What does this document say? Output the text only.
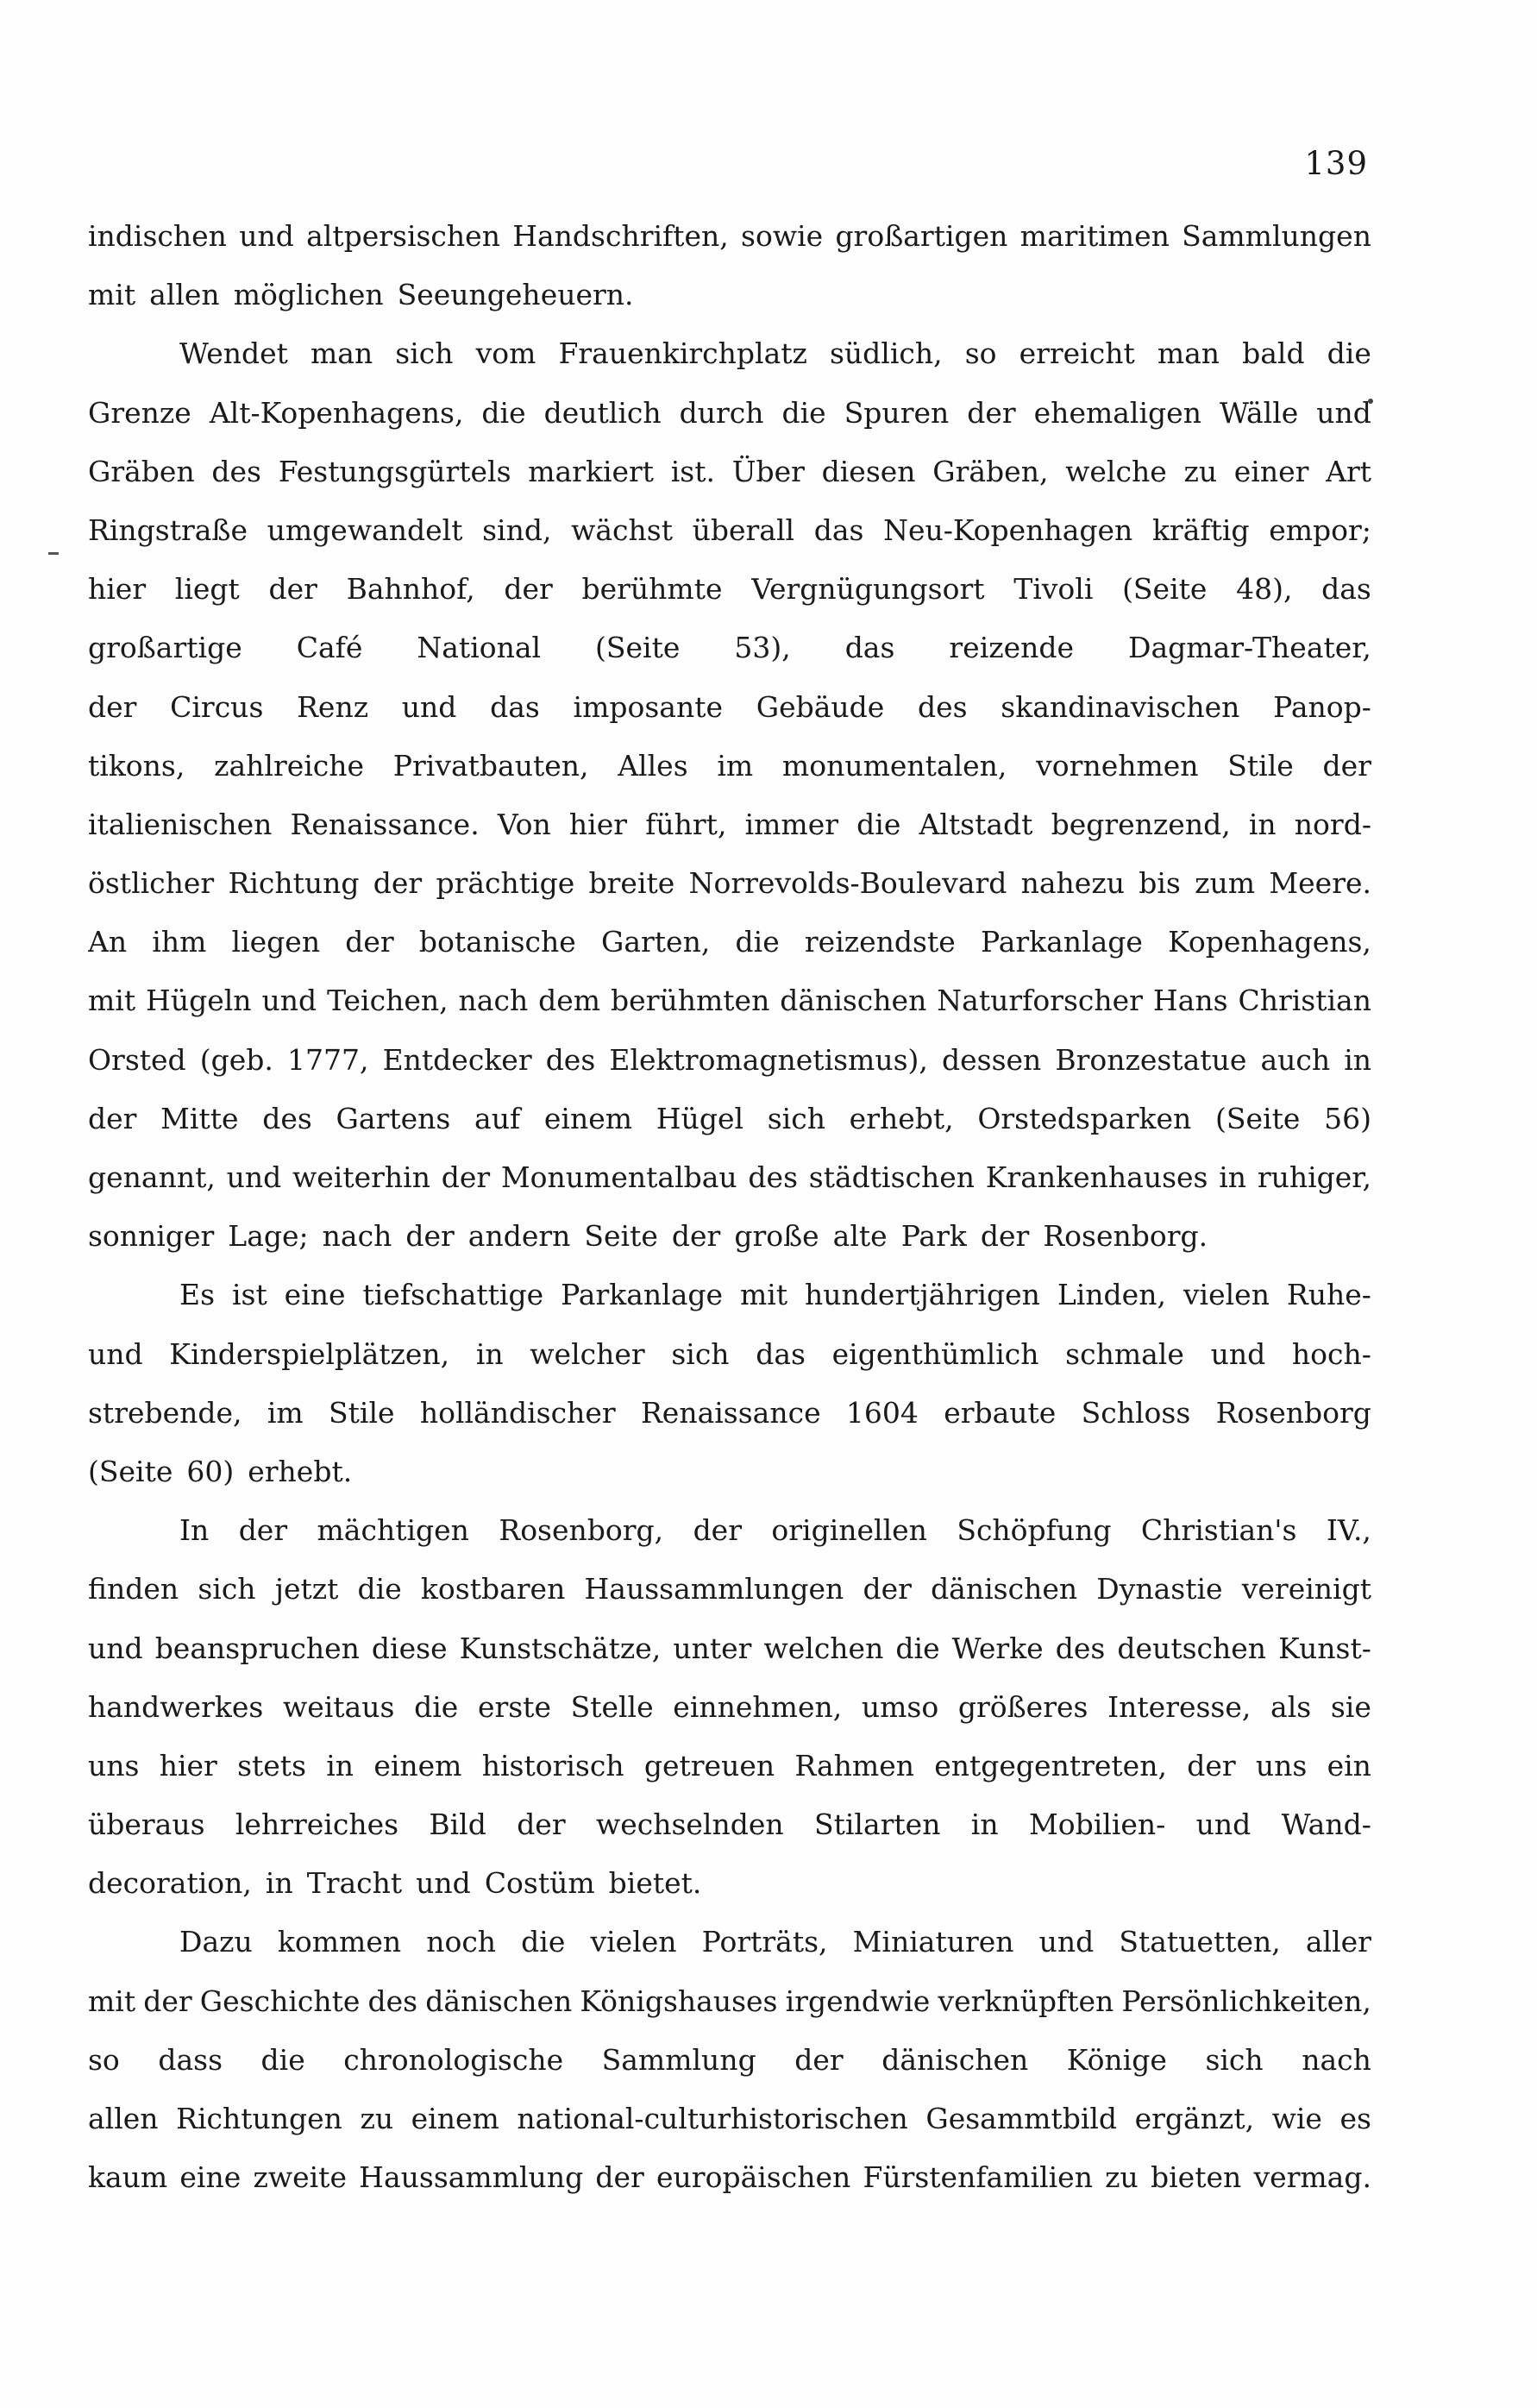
139
indischen und altpersischen Handschriften, sowie großartigen maritimen Sammlungen
mit allen möglichen Seeungeheuern.
Wendet man sich vom Frauenkirchplatz südlich, so erreicht man bald die
Grenze Alt-Kopenhagens, die deutlich durch die Spuren der ehemaligen Wälle und
Gräben des Festungsgürtels markiert ist. Über diesen Gräben, welche zu einer Art
Ringstraße umgewandelt sind, wächst überall das Neu-Kopenhagen kräftig empor;
hier liegt der Bahnhof, der berühmte Vergnügungsort Tivoli (Seite 48), das
großartige Café National (Seite 53), das reizende Dagmar-Theater,
der Circus Renz und das imposante Gebäude des skandinavischen Panop-
tikons, zahlreiche Privatbauten, Alles im monumentalen, vornehmen Stile der
italienischen Renaissance. Von hier führt, immer die Altstadt begrenzend, in nord-
östlicher Richtung der prächtige breite Norrevolds-Boulevard nahezu bis zum Meere.
An ihm liegen der botanische Garten, die reizendste Parkanlage Kopenhagens,
mit Hügeln und Teichen, nach dem berühmten dänischen Naturforscher Hans Christian
Orsted (geb. 1777, Entdecker des Elektromagnetismus), dessen Bronzestatue auch in
der Mitte des Gartens auf einem Hügel sich erhebt, Orstedsparken (Seite 56)
genannt, und weiterhin der Monumentalbau des städtischen Krankenhauses in ruhiger,
sonniger Lage; nach der andern Seite der große alte Park der Rosenborg.
Es ist eine tiefschattige Parkanlage mit hundertjährigen Linden, vielen Ruhe-
und Kinderspielplätzen, in welcher sich das eigenthümlich schmale und hoch-
strebende, im Stile holländischer Renaissance 1604 erbaute Schloss Rosenborg
(Seite 60) erhebt.
In der mächtigen Rosenborg, der originellen Schöpfung Christian's IV.,
finden sich jetzt die kostbaren Haussammlungen der dänischen Dynastie vereinigt
und beanspruchen diese Kunstschätze, unter welchen die Werke des deutschen Kunst-
handwerkes weitaus die erste Stelle einnehmen, umso größeres Interesse, als sie
uns hier stets in einem historisch getreuen Rahmen entgegentreten, der uns ein
überaus lehrreiches Bild der wechselnden Stilarten in Mobilien- und Wand-
decoration, in Tracht und Costüm bietet.
Dazu kommen noch die vielen Porträts, Miniaturen und Statuetten, aller
mit der Geschichte des dänischen Königshauses irgendwie verknüpften Persönlichkeiten,
so dass die chronologische Sammlung der dänischen Könige sich nach
allen Richtungen zu einem national-culturhistorischen Gesammtbild ergänzt, wie es
kaum eine zweite Haussammlung der europäischen Fürstenfamilien zu bieten vermag.
